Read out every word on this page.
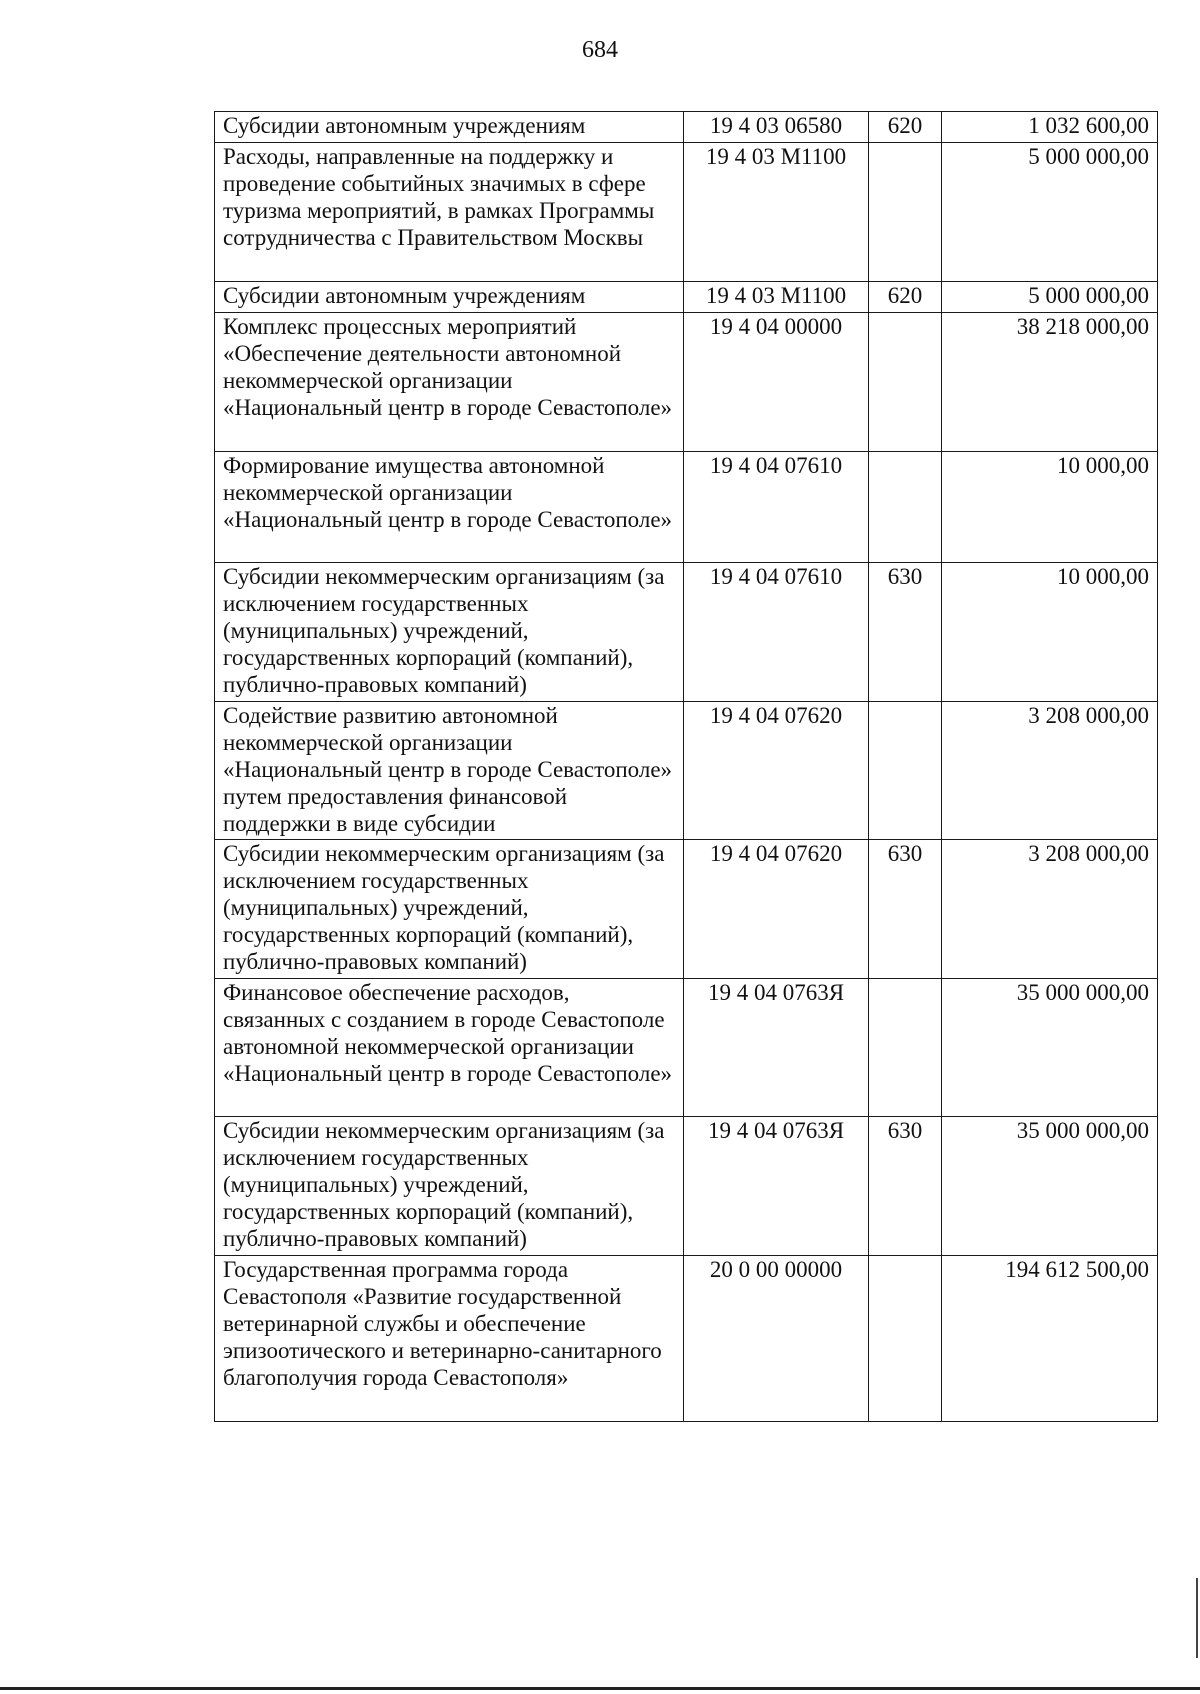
684
Субсидии автономным учреждениям	19 4 03 06580	620	1 032 600,00
Расходы, направленные на поддержку и проведение событийных значимых в сфере туризма мероприятий, в рамках Программы сотрудничества с Правительством Москвы	19 4 03 М1100		5 000 000,00
Субсидии автономным учреждениям	19 4 03 М1100	620	5 000 000,00
Комплекс процессных мероприятий «Обеспечение деятельности автономной некоммерческой организации «Национальный центр в городе Севастополе»	19 4 04 00000		38 218 000,00
Формирование имущества автономной некоммерческой организации «Национальный центр в городе Севастополе»	19 4 04 07610		10 000,00
Субсидии некоммерческим организациям (за исключением государственных (муниципальных) учреждений, государственных корпораций (компаний), публично-правовых компаний)	19 4 04 07610	630	10 000,00
Содействие развитию автономной некоммерческой организации «Национальный центр в городе Севастополе» путем предоставления финансовой поддержки в виде субсидии	19 4 04 07620		3 208 000,00
Субсидии некоммерческим организациям (за исключением государственных (муниципальных) учреждений, государственных корпораций (компаний), публично-правовых компаний)	19 4 04 07620	630	3 208 000,00
Финансовое обеспечение расходов, связанных с созданием в городе Севастополе автономной некоммерческой организации «Национальный центр в городе Севастополе»	19 4 04 0763Я		35 000 000,00
Субсидии некоммерческим организациям (за исключением государственных (муниципальных) учреждений, государственных корпораций (компаний), публично-правовых компаний)	19 4 04 0763Я	630	35 000 000,00
Государственная программа города Севастополя «Развитие государственной ветеринарной службы и обеспечение эпизоотического и ветеринарно-санитарного благополучия города Севастополя»	20 0 00 00000		194 612 500,00
